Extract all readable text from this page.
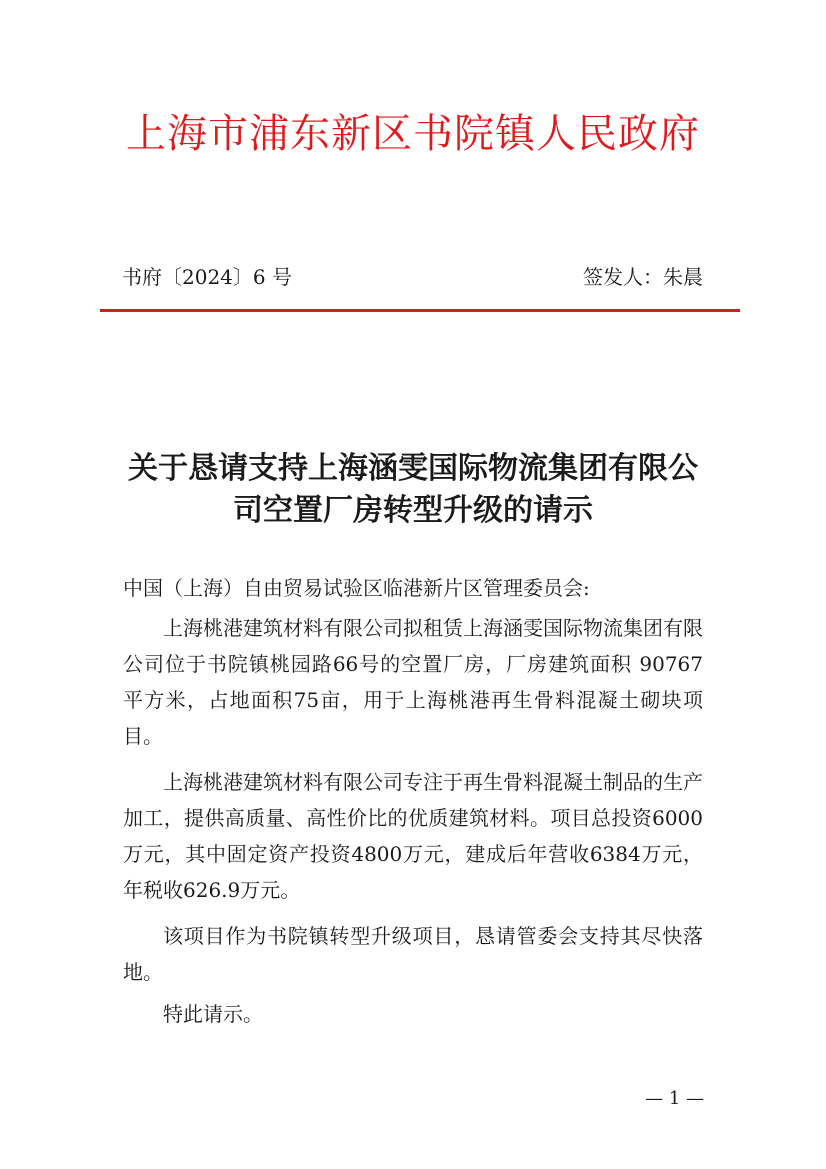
上海市浦东新区书院镇人民政府
书府〔2024〕6 号	签发人：朱晨
关于恳请支持上海涵雯国际物流集团有限公
司空置厂房转型升级的请示

中国（上海）自由贸易试验区临港新片区管理委员会:

上海桃港建筑材料有限公司拟租赁上海涵雯国际物流集团有限公司位于书院镇桃园路66号的空置厂房，厂房建筑面积 90767 平方米，占地面积75亩，用于上海桃港再生骨料混凝土砌块项目。

上海桃港建筑材料有限公司专注于再生骨料混凝土制品的生产加工，提供高质量、高性价比的优质建筑材料。项目总投资6000万元，其中固定资产投资4800万元，建成后年营收6384万元，年税收626.9万元。

该项目作为书院镇转型升级项目，恳请管委会支持其尽快落地。

特此请示。

— 1 —
